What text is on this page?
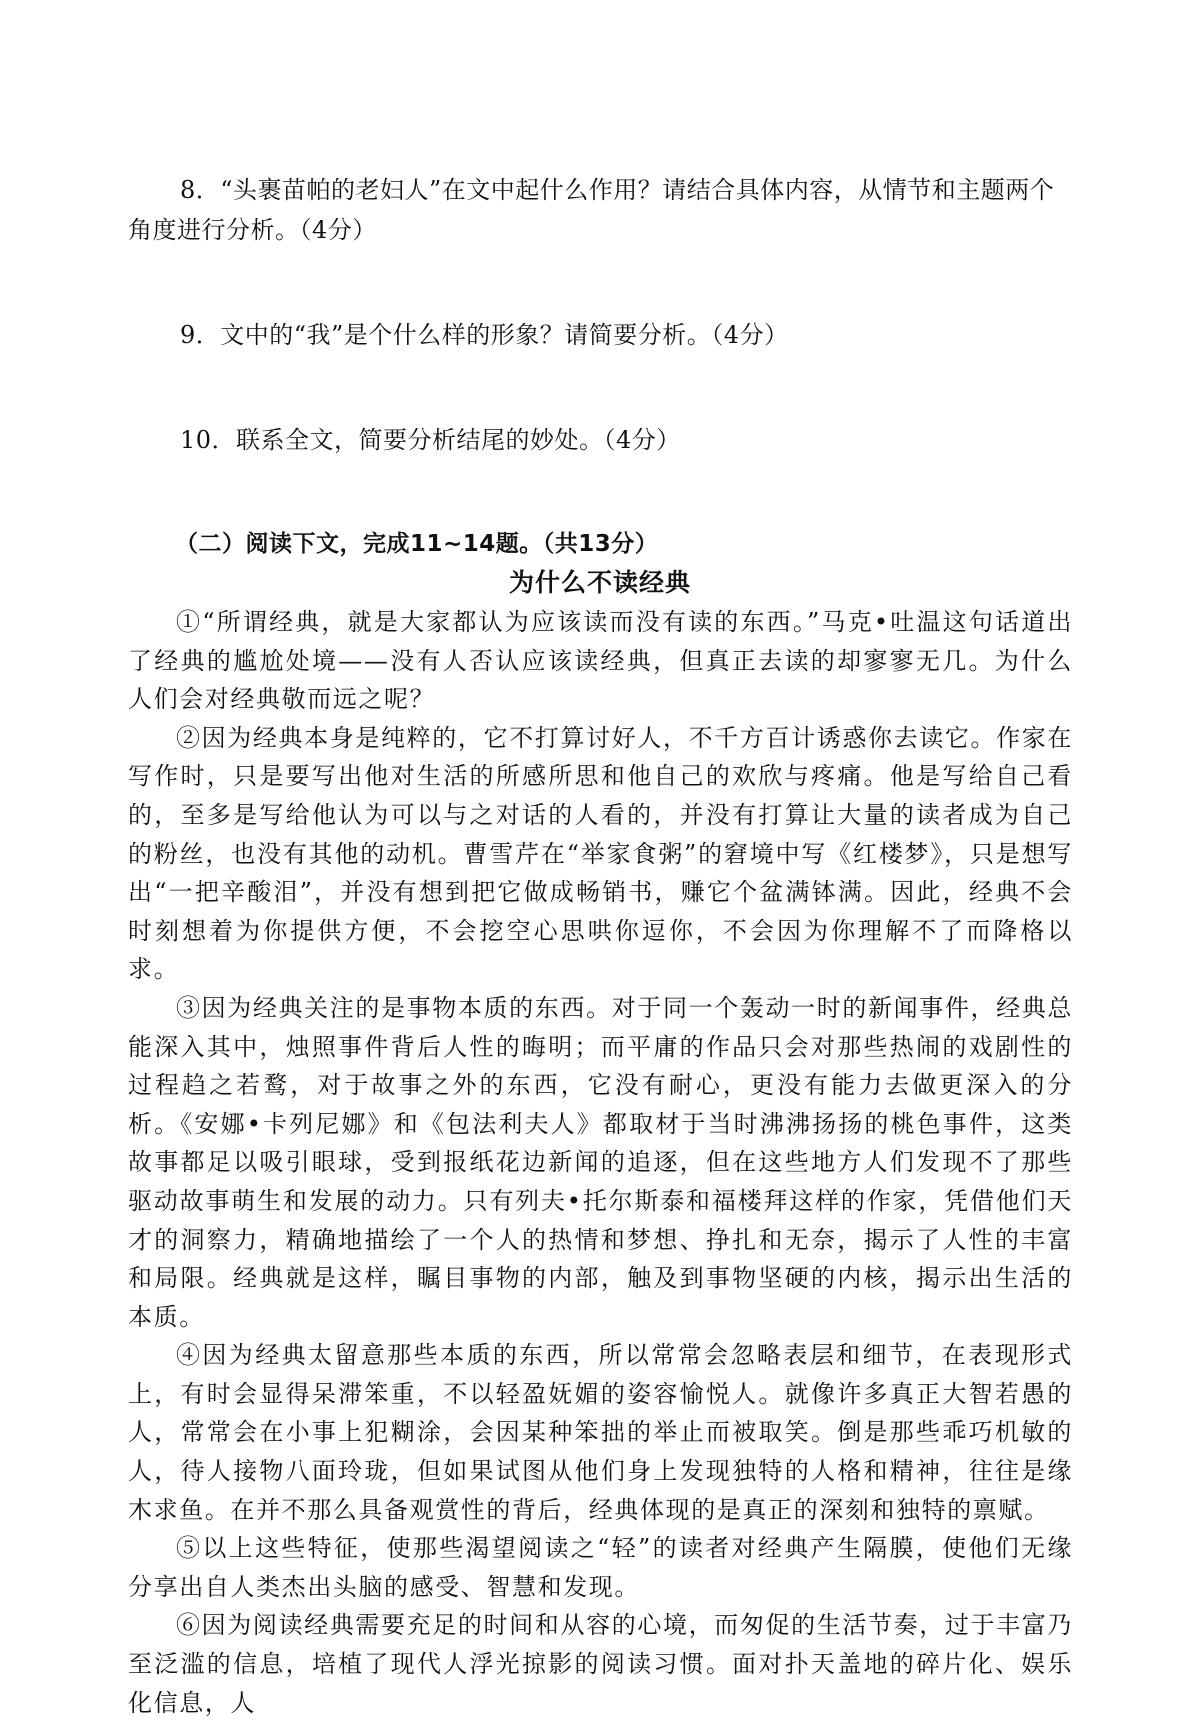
8．“头裹苗帕的老妇人”在文中起什么作用？请结合具体内容，从情节和主题两个角度进行分析。（4分）
9．文中的“我”是个什么样的形象？请简要分析。（4分）
10．联系全文，简要分析结尾的妙处。（4分）
（二）阅读下文，完成11~14题。（共13分）
为什么不读经典

①“所谓经典，就是大家都认为应该读而没有读的东西。”马克•吐温这句话道出了经典的尴尬处境——没有人否认应该读经典，但真正去读的却寥寥无几。为什么人们会对经典敬而远之呢？

②因为经典本身是纯粹的，它不打算讨好人，不千方百计诱惑你去读它。作家在写作时，只是要写出他对生活的所感所思和他自己的欢欣与疼痛。他是写给自己看的，至多是写给他认为可以与之对话的人看的，并没有打算让大量的读者成为自己的粉丝，也没有其他的动机。曹雪芹在“举家食粥”的窘境中写《红楼梦》，只是想写出“一把辛酸泪”，并没有想到把它做成畅销书，赚它个盆满钵满。因此，经典不会时刻想着为你提供方便，不会挖空心思哄你逗你，不会因为你理解不了而降格以求。

③因为经典关注的是事物本质的东西。对于同一个轰动一时的新闻事件，经典总能深入其中，烛照事件背后人性的晦明；而平庸的作品只会对那些热闹的戏剧性的过程趋之若鹜，对于故事之外的东西，它没有耐心，更没有能力去做更深入的分析。《安娜•卡列尼娜》和《包法利夫人》都取材于当时沸沸扬扬的桃色事件，这类故事都足以吸引眼球，受到报纸花边新闻的追逐，但在这些地方人们发现不了那些驱动故事萌生和发展的动力。只有列夫•托尔斯泰和福楼拜这样的作家，凭借他们天才的洞察力，精确地描绘了一个人的热情和梦想、挣扎和无奈，揭示了人性的丰富和局限。经典就是这样，瞩目事物的内部，触及到事物坚硬的内核，揭示出生活的本质。

④因为经典太留意那些本质的东西，所以常常会忽略表层和细节，在表现形式上，有时会显得呆滞笨重，不以轻盈妩媚的姿容愉悦人。就像许多真正大智若愚的人，常常会在小事上犯糊涂，会因某种笨拙的举止而被取笑。倒是那些乖巧机敏的人，待人接物八面玲珑，但如果试图从他们身上发现独特的人格和精神，往往是缘木求鱼。在并不那么具备观赏性的背后，经典体现的是真正的深刻和独特的禀赋。

⑤以上这些特征，使那些渴望阅读之“轻”的读者对经典产生隔膜，使他们无缘分享出自人类杰出头脑的感受、智慧和发现。

⑥因为阅读经典需要充足的时间和从容的心境，而匆促的生活节奏，过于丰富乃至泛滥的信息，培植了现代人浮光掠影的阅读习惯。面对扑天盖地的碎片化、娱乐化信息，人
